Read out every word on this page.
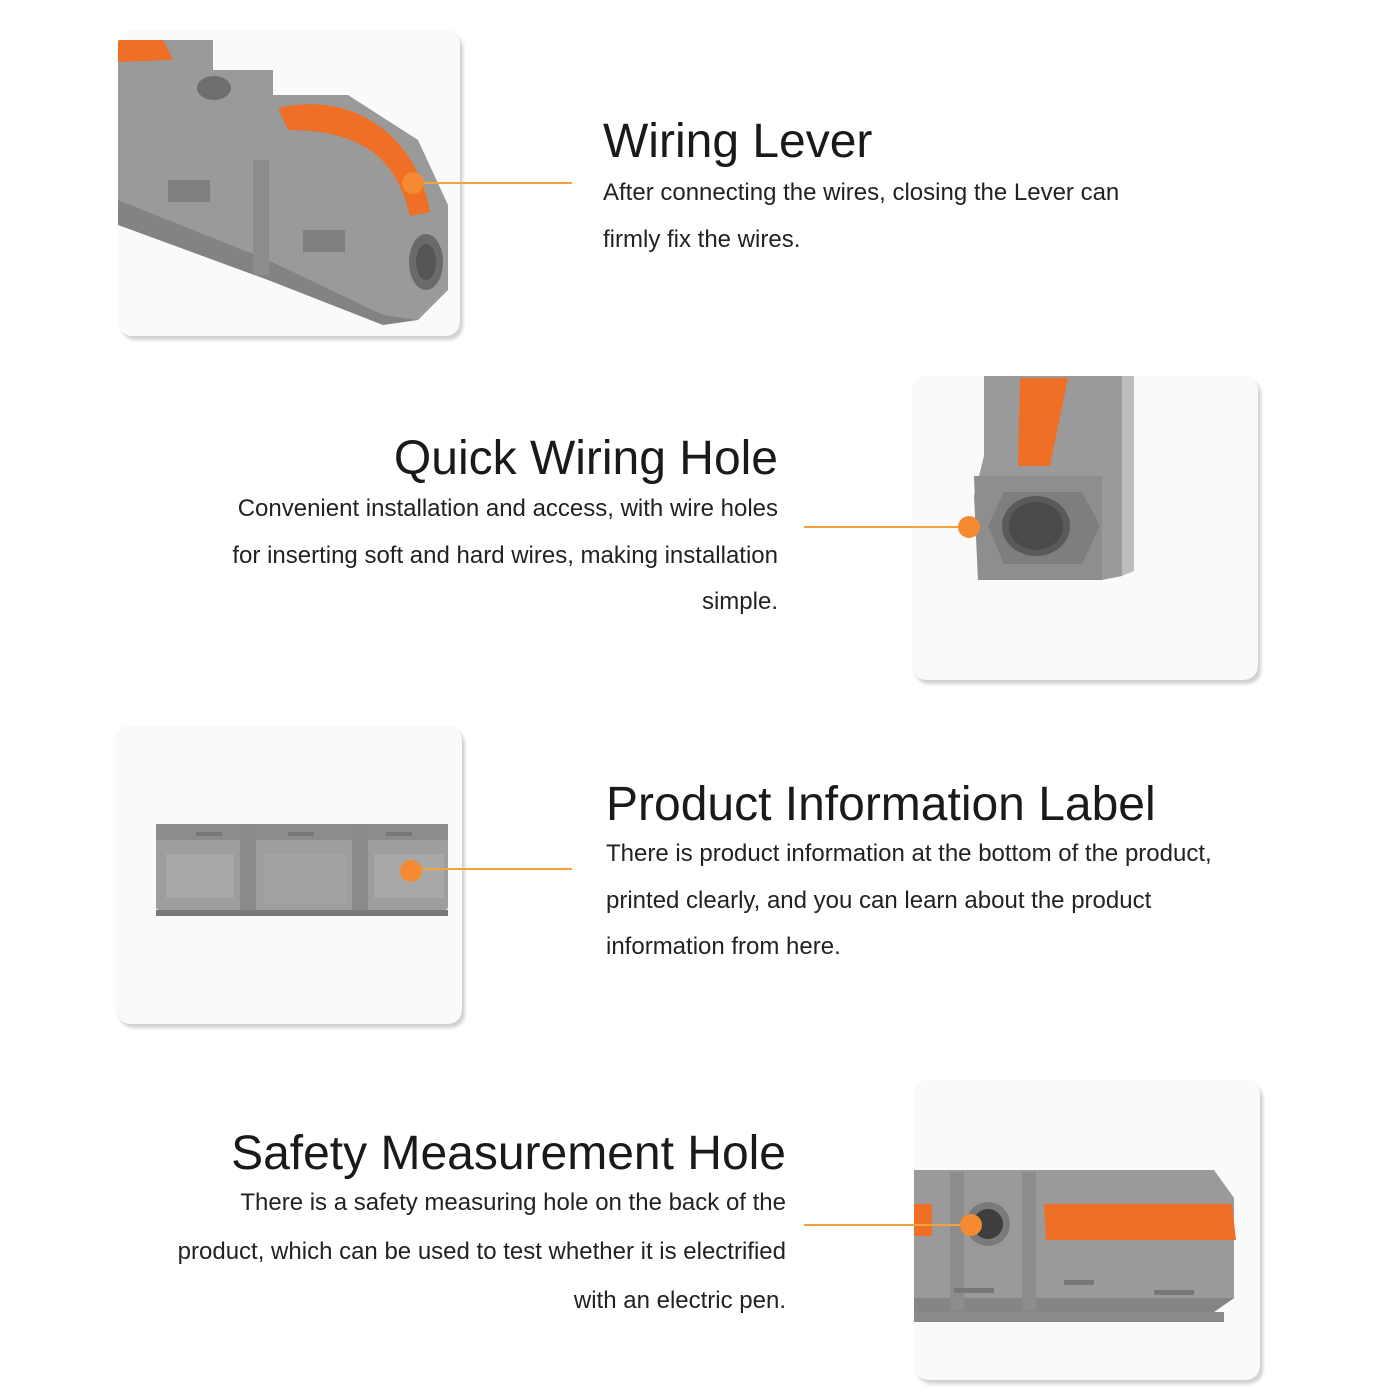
Wiring Lever

After connecting the wires, closing the Lever can firmly fix the wires.

Quick Wiring Hole

Convenient installation and access, with wire holes for inserting soft and hard wires, making installation simple.

Product Information Label

There is product information at the bottom of the product, printed clearly, and you can learn about the product information from here.

Safety Measurement Hole

There is a safety measuring hole on the back of the product, which can be used to test whether it is electrified with an electric pen.
